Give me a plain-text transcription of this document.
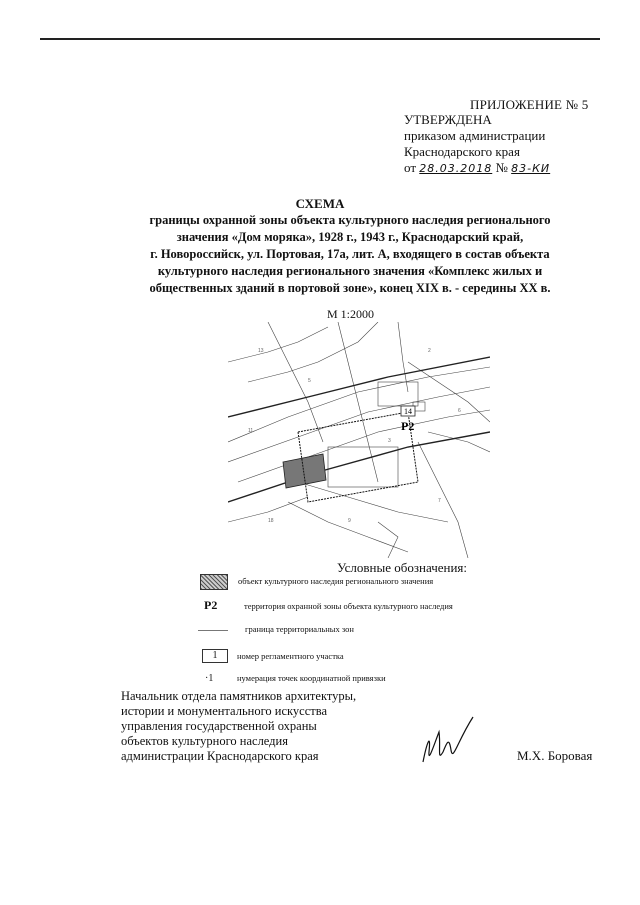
ПРИЛОЖЕНИЕ № 5
УТВЕРЖДЕНА
приказом администрации
Краснодарского края
от 28.03.2018 № 83-КИ
СХЕМА
границы охранной зоны объекта культурного наследия регионального
значения «Дом моряка», 1928 г., 1943 г., Краснодарский край,
г. Новороссийск, ул. Портовая, 17а, лит. А, входящего в состав объекта
культурного наследия регионального значения «Комплекс жилых и
общественных зданий в портовой зоне», конец XIX в. - середины XX в.
М 1:2000
13
5
2
11
6
9
18
7
3
14
Р2
Условные обозначения:
объект культурного наследия регионального значения
Р2	территория охранной зоны объекта культурного наследия
граница территориальных зон
1	номер регламентного участка
·1	нумерация точек координатной привязки
Начальник отдела памятников архитектуры,
истории и монументального искусства
управления государственной охраны
объектов культурного наследия
администрации Краснодарского края	М.Х. Боровая
